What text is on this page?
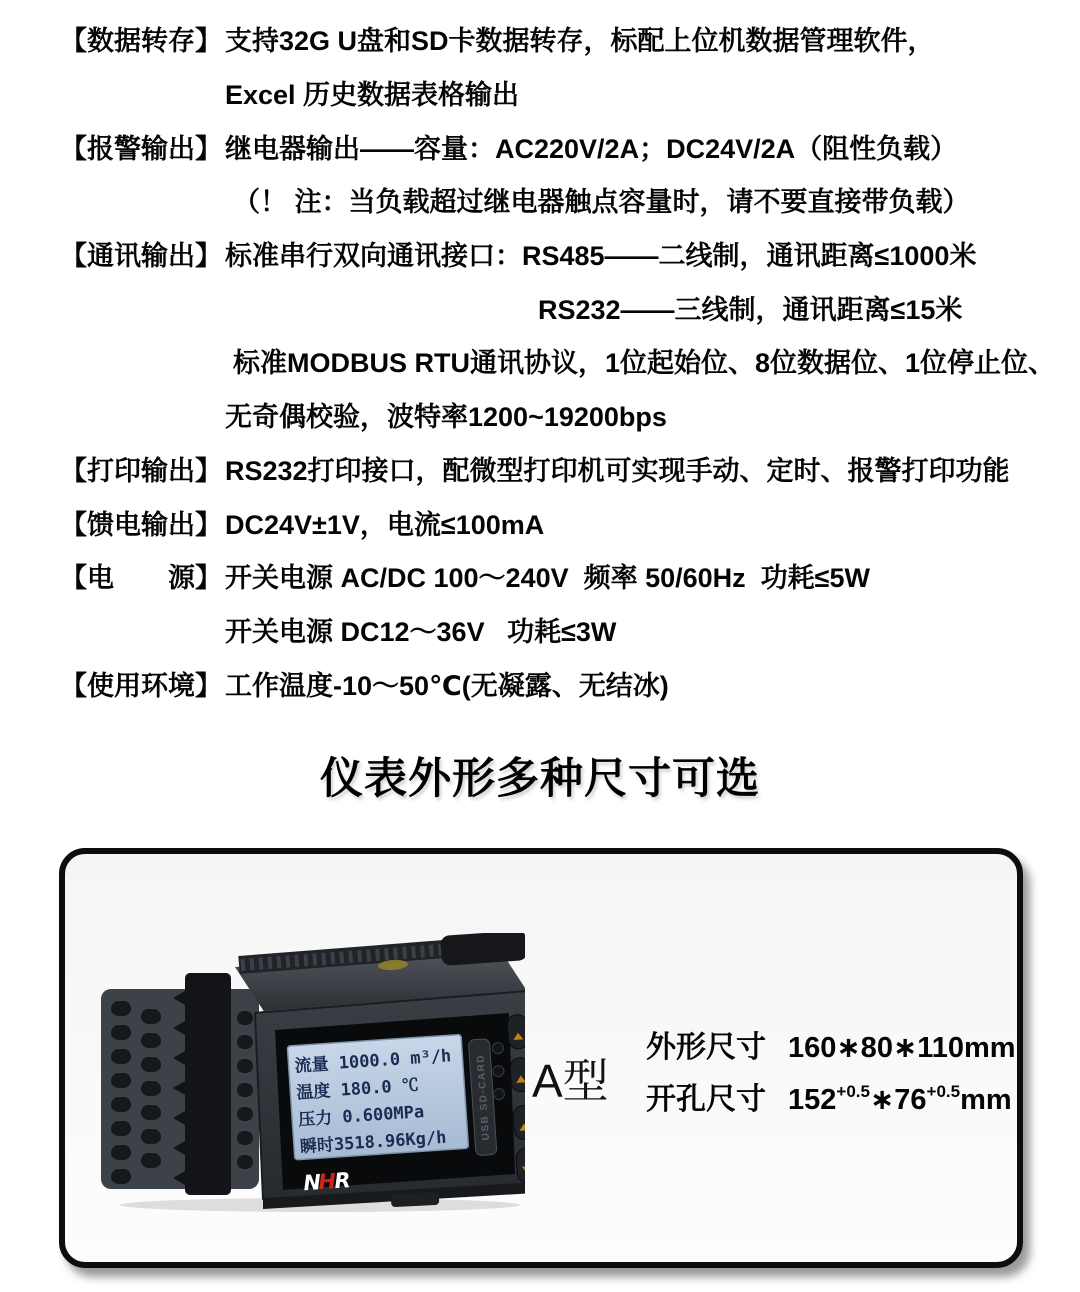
【数据转存】 支持32G U盘和SD卡数据转存，标配上位机数据管理软件，
Excel 历史数据表格输出
【报警输出】 继电器输出——容量：AC220V/2A；DC24V/2A（阻性负载）
（！ 注：当负载超过继电器触点容量时，请不要直接带负载）
【通讯输出】 标准串行双向通讯接口：RS485——二线制，通讯距离≤1000米
RS232——三线制，通讯距离≤15米
标准MODBUS RTU通讯协议，1位起始位、8位数据位、1位停止位、
无奇偶校验，波特率1200~19200bps
【打印输出】 RS232打印接口，配微型打印机可实现手动、定时、报警打印功能
【馈电输出】 DC24V±1V，电流≤100mA
【电　　源】 开关电源 AC/DC 100～240V  频率 50/60Hz  功耗≤5W
开关电源 DC12～36V   功耗≤3W
【使用环境】 工作温度-10～50℃(无凝露、无结冰)
仪表外形多种尺寸可选
流量 1000.0 m³/h
温度 180.0 ℃
压力 0.600MPa
瞬时3518.96Kg/h
N
H
R
USB SD-CARD A型
外形尺寸 160∗80∗110mm
开孔尺寸 $152^{+0.5}∗76^{+0.5}mm$
